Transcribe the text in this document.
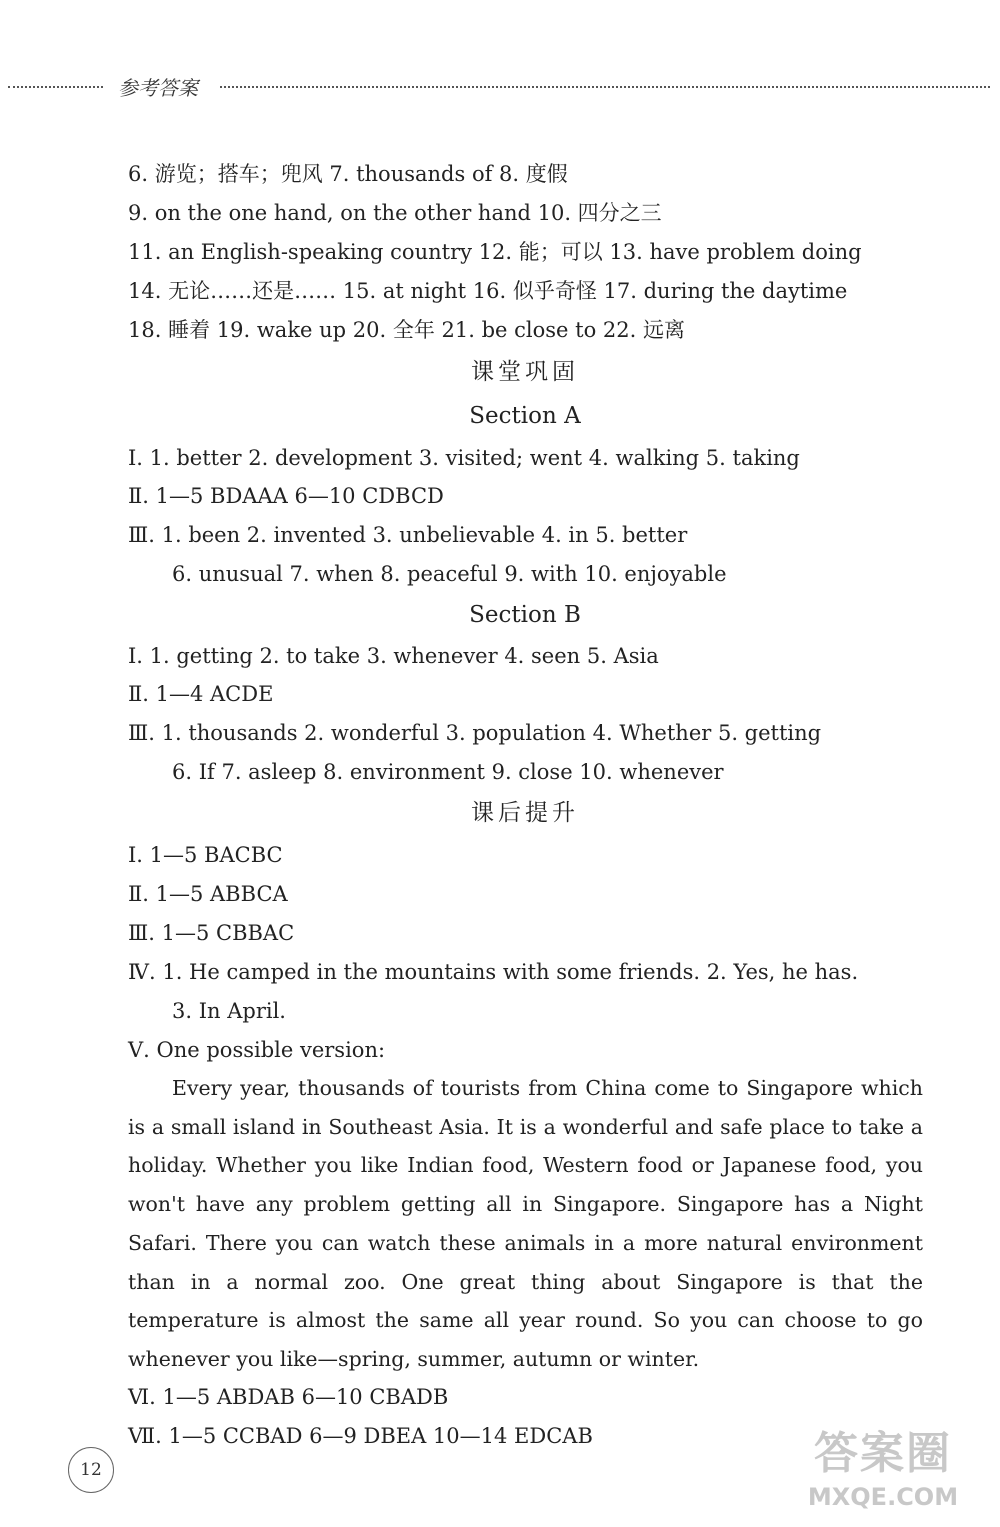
参考答案
6. 游览；搭车；兜风 7. thousands of 8. 度假
9. on the one hand, on the other hand 10. 四分之三
11. an English-speaking country 12. 能；可以 13. have problem doing
14. 无论……还是…… 15. at night 16. 似乎奇怪 17. during the daytime
18. 睡着 19. wake up 20. 全年 21. be close to 22. 远离
课堂巩固
Section A
Ⅰ. 1. better 2. development 3. visited; went 4. walking 5. taking
Ⅱ. 1—5 BDAAA 6—10 CDBCD
Ⅲ. 1. been 2. invented 3. unbelievable 4. in 5. better
6. unusual 7. when 8. peaceful 9. with 10. enjoyable
Section B
Ⅰ. 1. getting 2. to take 3. whenever 4. seen 5. Asia
Ⅱ. 1—4 ACDE
Ⅲ. 1. thousands 2. wonderful 3. population 4. Whether 5. getting
6. If 7. asleep 8. environment 9. close 10. whenever
课后提升
Ⅰ. 1—5 BACBC
Ⅱ. 1—5 ABBCA
Ⅲ. 1—5 CBBAC
Ⅳ. 1. He camped in the mountains with some friends. 2. Yes, he has.
3. In April.
Ⅴ. One possible version:
Every year, thousands of tourists from China come to Singapore which is a small island in Southeast Asia. It is a wonderful and safe place to take a holiday. Whether you like Indian food, Western food or Japanese food, you won't have any problem getting all in Singapore. Singapore has a Night Safari. There you can watch these animals in a more natural environment than in a normal zoo. One great thing about Singapore is that the temperature is almost the same all year round. So you can choose to go whenever you like—spring, summer, autumn or winter.
Ⅵ. 1—5 ABDAB 6—10 CBADB
Ⅶ. 1—5 CCBAD 6—9 DBEA 10—14 EDCAB
12	答案圈
MXQE.COM
